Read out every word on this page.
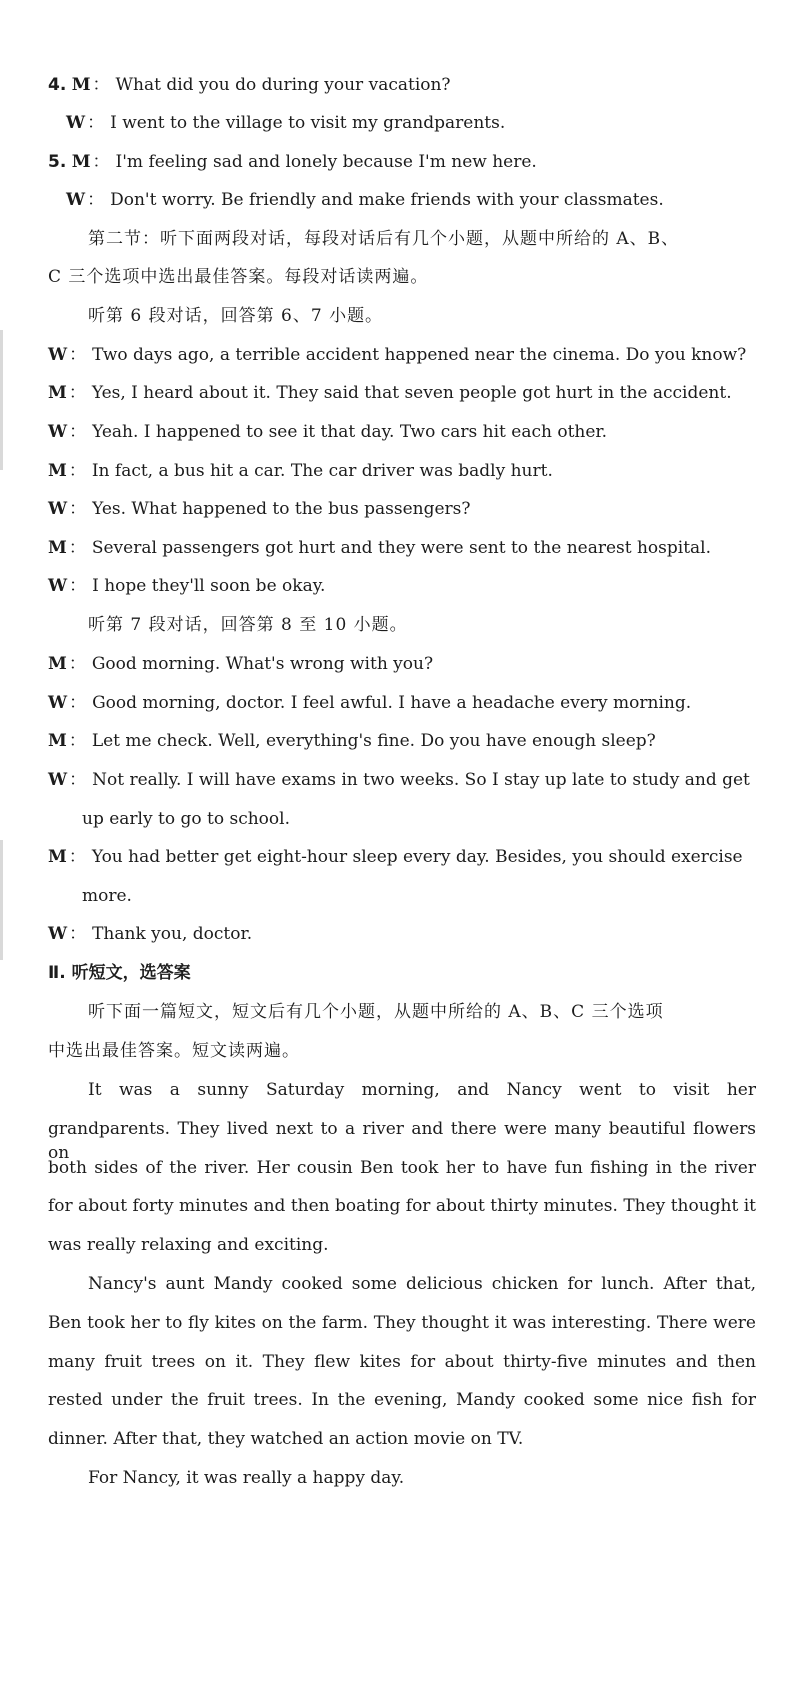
4. M ： What did you do during your vacation?
W ： I went to the village to visit my grandparents.
5. M ： I'm feeling sad and lonely because I'm new here.
W ： Don't worry. Be friendly and make friends with your classmates.
第二节：听下面两段对话，每段对话后有几个小题，从题中所给的 A、B、
C 三个选项中选出最佳答案。每段对话读两遍。
听第 6 段对话，回答第 6、7 小题。
W ： Two days ago, a terrible accident happened near the cinema. Do you know?
M ： Yes, I heard about it. They said that seven people got hurt in the accident.
W ： Yeah. I happened to see it that day. Two cars hit each other.
M ： In fact, a bus hit a car. The car driver was badly hurt.
W ： Yes. What happened to the bus passengers?
M ： Several passengers got hurt and they were sent to the nearest hospital.
W ： I hope they'll soon be okay.
听第 7 段对话，回答第 8 至 10 小题。
M ： Good morning. What's wrong with you?
W ： Good morning, doctor. I feel awful. I have a headache every morning.
M ： Let me check. Well, everything's fine. Do you have enough sleep?
W ： Not really. I will have exams in two weeks. So I stay up late to study and get
up early to go to school.
M ： You had better get eight-hour sleep every day. Besides, you should exercise
more.
W ： Thank you, doctor.
Ⅱ. 听短文，选答案
听下面一篇短文，短文后有几个小题，从题中所给的 A、B、C 三个选项
中选出最佳答案。短文读两遍。
It was a sunny Saturday morning, and Nancy went to visit her
grandparents. They lived next to a river and there were many beautiful flowers on
both sides of the river. Her cousin Ben took her to have fun fishing in the river
for about forty minutes and then boating for about thirty minutes. They thought it
was really relaxing and exciting.
Nancy's aunt Mandy cooked some delicious chicken for lunch. After that,
Ben took her to fly kites on the farm. They thought it was interesting. There were
many fruit trees on it. They flew kites for about thirty-five minutes and then
rested under the fruit trees. In the evening, Mandy cooked some nice fish for
dinner. After that, they watched an action movie on TV.
For Nancy, it was really a happy day.
